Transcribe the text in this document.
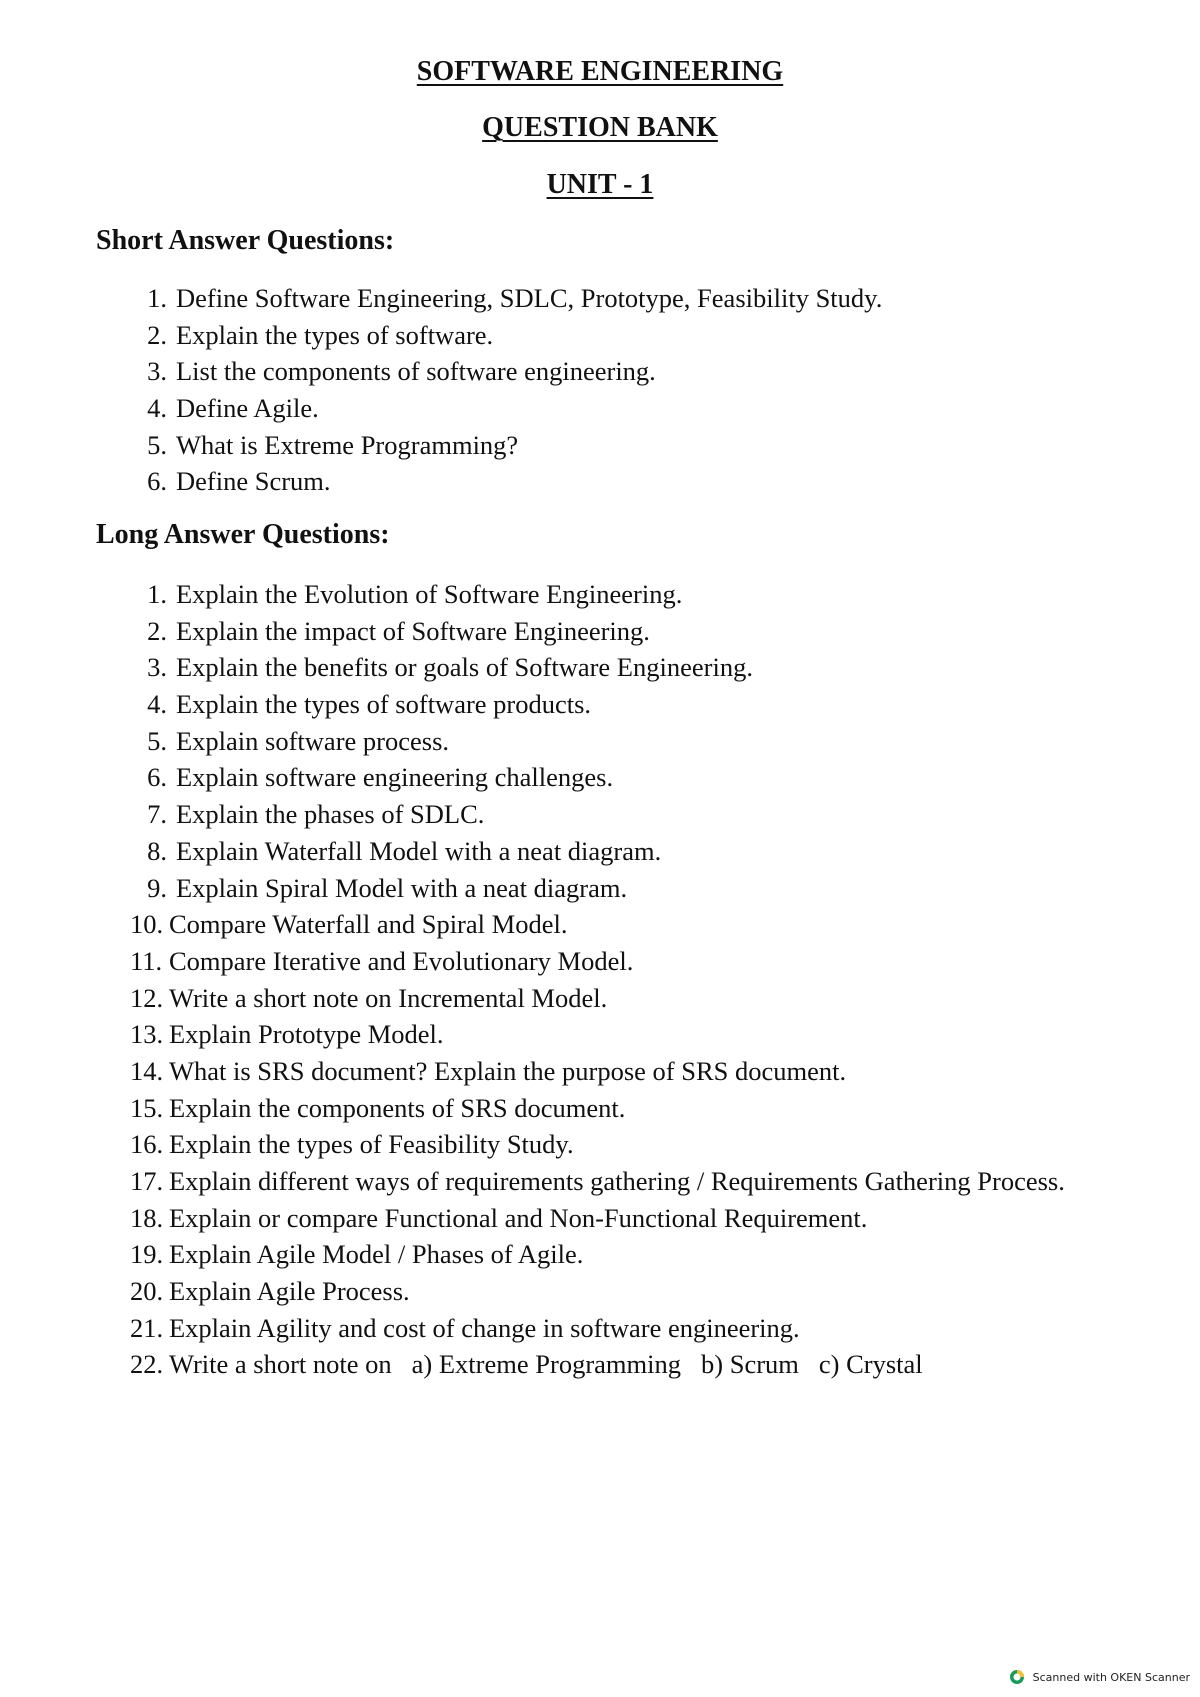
SOFTWARE ENGINEERING
QUESTION BANK
UNIT - 1
Short Answer Questions:
1. Define Software Engineering, SDLC, Prototype, Feasibility Study.
2. Explain the types of software.
3. List the components of software engineering.
4. Define Agile.
5. What is Extreme Programming?
6. Define Scrum.
Long Answer Questions:
1. Explain the Evolution of Software Engineering.
2. Explain the impact of Software Engineering.
3. Explain the benefits or goals of Software Engineering.
4. Explain the types of software products.
5. Explain software process.
6. Explain software engineering challenges.
7. Explain the phases of SDLC.
8. Explain Waterfall Model with a neat diagram.
9. Explain Spiral Model with a neat diagram.
10. Compare Waterfall and Spiral Model.
11. Compare Iterative and Evolutionary Model.
12. Write a short note on Incremental Model.
13. Explain Prototype Model.
14. What is SRS document? Explain the purpose of SRS document.
15. Explain the components of SRS document.
16. Explain the types of Feasibility Study.
17. Explain different ways of requirements gathering / Requirements Gathering Process.
18. Explain or compare Functional and Non-Functional Requirement.
19. Explain Agile Model / Phases of Agile.
20. Explain Agile Process.
21. Explain Agility and cost of change in software engineering.
22. Write a short note on a) Extreme Programming b) Scrum c) Crystal
Scanned with OKEN Scanner
